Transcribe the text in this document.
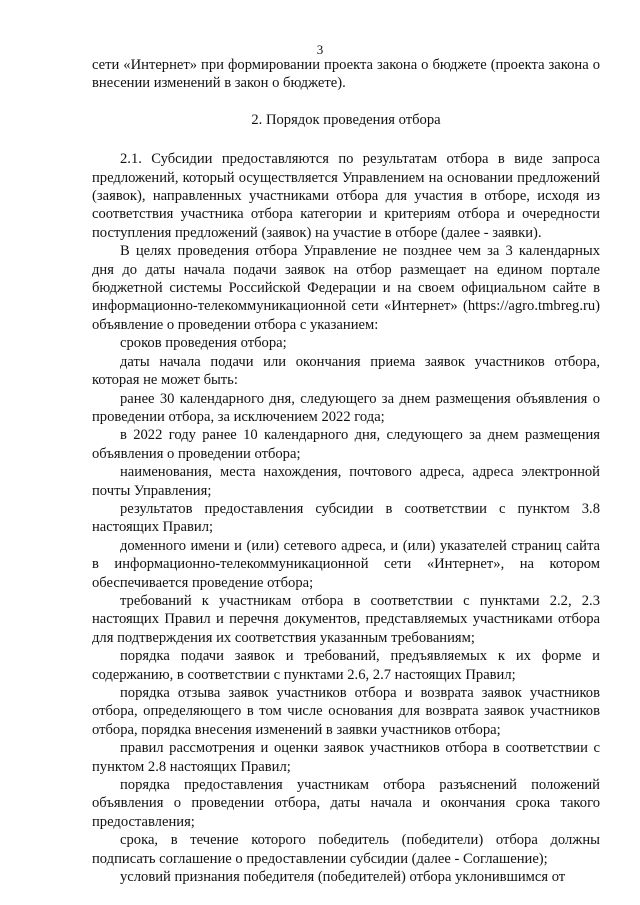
3

сети «Интернет» при формировании проекта закона о бюджете (проекта закона о внесении изменений в закон о бюджете).

2. Порядок проведения отбора

2.1. Субсидии предоставляются по результатам отбора в виде запроса предложений, который осуществляется Управлением на основании предложений (заявок), направленных участниками отбора для участия в отборе, исходя из соответствия участника отбора категории и критериям отбора и очередности поступления предложений (заявок) на участие в отборе (далее - заявки).

В целях проведения отбора Управление не позднее чем за 3 календарных дня до даты начала подачи заявок на отбор размещает на едином портале бюджетной системы Российской Федерации и на своем официальном сайте в информационно-телекоммуникационной сети «Интернет» (https://agro.tmbreg.ru) объявление о проведении отбора с указанием:

сроков проведения отбора;

даты начала подачи или окончания приема заявок участников отбора, которая не может быть:

ранее 30 календарного дня, следующего за днем размещения объявления о проведении отбора, за исключением 2022 года;

в 2022 году ранее 10 календарного дня, следующего за днем размещения объявления о проведении отбора;

наименования, места нахождения, почтового адреса, адреса электронной почты Управления;

результатов предоставления субсидии в соответствии с пунктом 3.8 настоящих Правил;

доменного имени и (или) сетевого адреса, и (или) указателей страниц сайта в информационно-телекоммуникационной сети «Интернет», на котором обеспечивается проведение отбора;

требований к участникам отбора в соответствии с пунктами 2.2, 2.3 настоящих Правил и перечня документов, представляемых участниками отбора для подтверждения их соответствия указанным требованиям;

порядка подачи заявок и требований, предъявляемых к их форме и содержанию, в соответствии с пунктами 2.6, 2.7 настоящих Правил;

порядка отзыва заявок участников отбора и возврата заявок участников отбора, определяющего в том числе основания для возврата заявок участников отбора, порядка внесения изменений в заявки участников отбора;

правил рассмотрения и оценки заявок участников отбора в соответствии с пунктом 2.8 настоящих Правил;

порядка предоставления участникам отбора разъяснений положений объявления о проведении отбора, даты начала и окончания срока такого предоставления;

срока, в течение которого победитель (победители) отбора должны подписать соглашение о предоставлении субсидии (далее - Соглашение);

условий признания победителя (победителей) отбора уклонившимся от
